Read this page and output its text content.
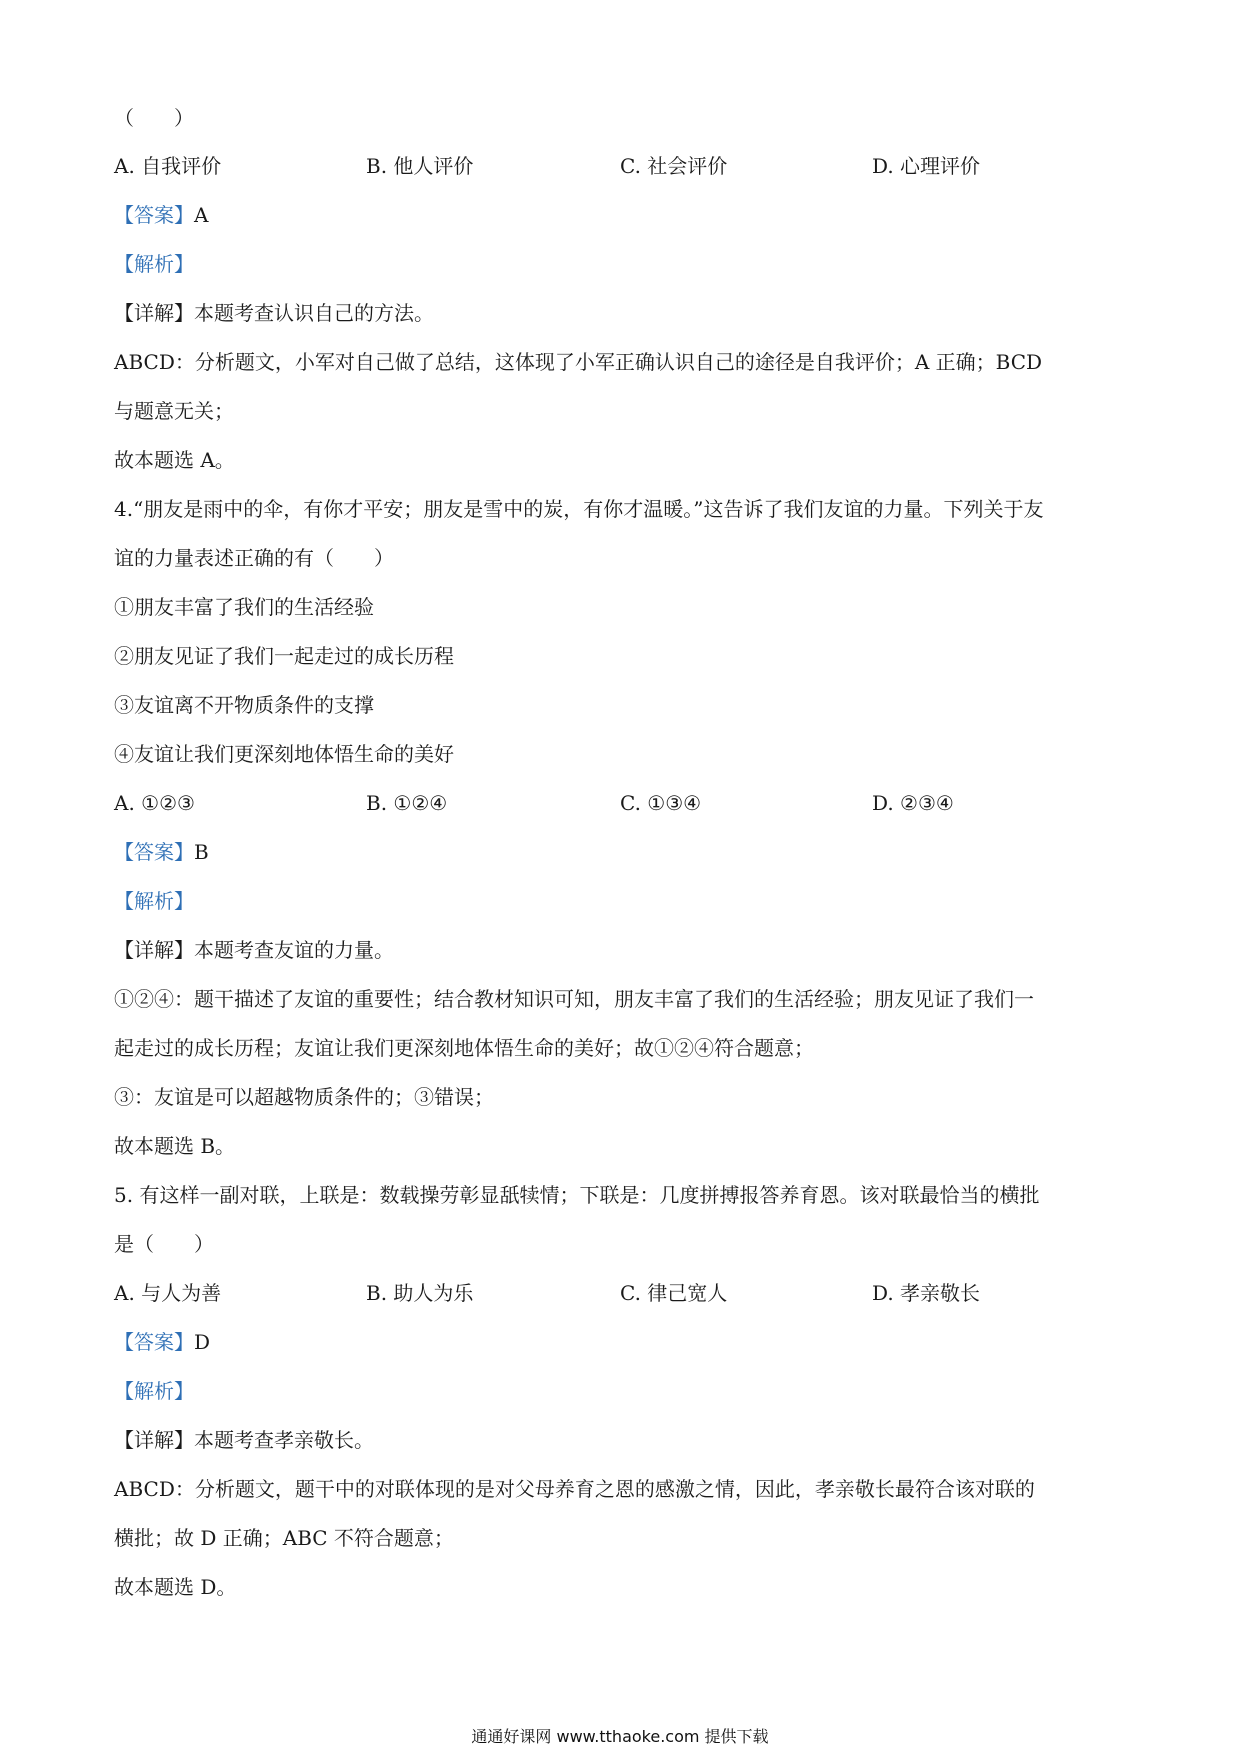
（　　）
A. 自我评价	B. 他人评价	C. 社会评价	D. 心理评价
【答案】A
【解析】
【详解】本题考查认识自己的方法。
ABCD：分析题文，小军对自己做了总结，这体现了小军正确认识自己的途径是自我评价；A 正确；BCD
与题意无关；
故本题选 A。
4.“朋友是雨中的伞，有你才平安；朋友是雪中的炭，有你才温暖。”这告诉了我们友谊的力量。下列关于友
谊的力量表述正确的有（　　）
①朋友丰富了我们的生活经验
②朋友见证了我们一起走过的成长历程
③友谊离不开物质条件的支撑
④友谊让我们更深刻地体悟生命的美好
A. ①②③	B. ①②④	C. ①③④	D. ②③④
【答案】B
【解析】
【详解】本题考查友谊的力量。
①②④：题干描述了友谊的重要性；结合教材知识可知，朋友丰富了我们的生活经验；朋友见证了我们一
起走过的成长历程；友谊让我们更深刻地体悟生命的美好；故①②④符合题意；
③：友谊是可以超越物质条件的；③错误；
故本题选 B。
5. 有这样一副对联，上联是：数载操劳彰显舐犊情；下联是：几度拼搏报答养育恩。该对联最恰当的横批
是（　　）
A. 与人为善	B. 助人为乐	C. 律己宽人	D. 孝亲敬长
【答案】D
【解析】
【详解】本题考查孝亲敬长。
ABCD：分析题文，题干中的对联体现的是对父母养育之恩的感激之情，因此，孝亲敬长最符合该对联的
横批；故 D 正确；ABC 不符合题意；
故本题选 D。
通通好课网 www.tthaoke.com 提供下载
